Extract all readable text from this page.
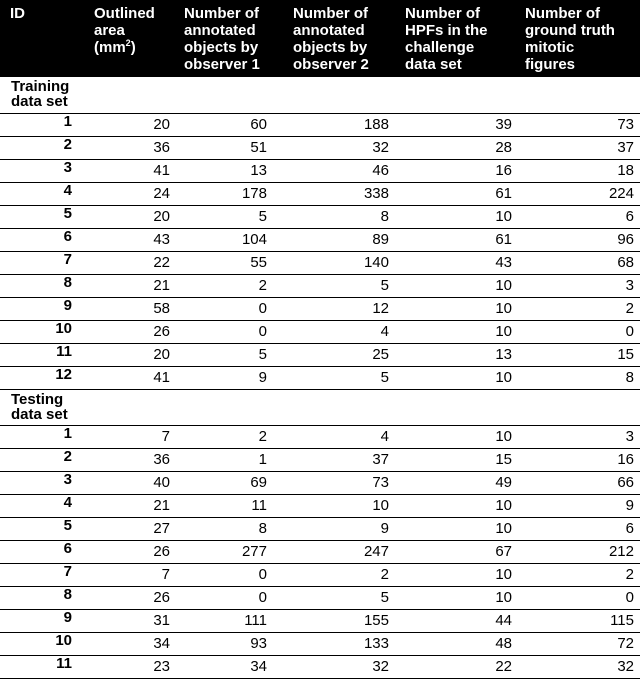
ID	Outlined
area
$(mm^2)$	Number of
annotated
objects by
observer 1	Number of
annotated
objects by
observer 2	Number of
HPFs in the
challenge
data set	Number of
ground truth
mitotic
figures
Training
data set					
1	20	60	188	39	73
2	36	51	32	28	37
3	41	13	46	16	18
4	24	178	338	61	224
5	20	5	8	10	6
6	43	104	89	61	96
7	22	55	140	43	68
8	21	2	5	10	3
9	58	0	12	10	2
10	26	0	4	10	0
11	20	5	25	13	15
12	41	9	5	10	8
Testing
data set					
1	7	2	4	10	3
2	36	1	37	15	16
3	40	69	73	49	66
4	21	11	10	10	9
5	27	8	9	10	6
6	26	277	247	67	212
7	7	0	2	10	2
8	26	0	5	10	0
9	31	111	155	44	115
10	34	93	133	48	72
11	23	34	32	22	32
